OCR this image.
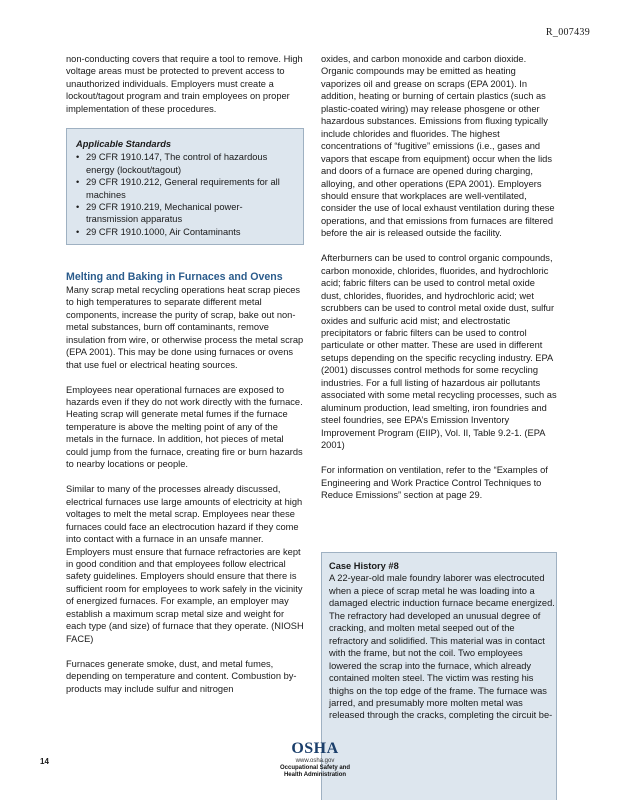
R_007439

non-conducting covers that require a tool to remove. High voltage areas must be protected to prevent access to unauthorized individuals. Employers must create a lockout/tagout program and train employees on proper implementation of these procedures.

Applicable Standards
• 29 CFR 1910.147, The control of hazardous energy (lockout/tagout)
• 29 CFR 1910.212, General requirements for all machines
• 29 CFR 1910.219, Mechanical power-transmission apparatus
• 29 CFR 1910.1000, Air Contaminants
Melting and Baking in Furnaces and Ovens

Many scrap metal recycling operations heat scrap pieces to high temperatures to separate different metal components, increase the purity of scrap, bake out non-metal substances, burn off contaminants, remove insulation from wire, or otherwise process the metal scrap (EPA 2001). This may be done using furnaces or ovens that use fuel or electrical heating sources.

Employees near operational furnaces are exposed to hazards even if they do not work directly with the furnace. Heating scrap will generate metal fumes if the furnace temperature is above the melting point of any of the metals in the furnace. In addition, hot pieces of metal could jump from the furnace, creating fire or burn hazards to nearby locations or people.

Similar to many of the processes already discussed, electrical furnaces use large amounts of electricity at high voltages to melt the metal scrap. Employees near these furnaces could face an electrocution hazard if they come into contact with a furnace in an unsafe manner. Employers must ensure that furnace refractories are kept in good condition and that employees follow electrical safety guidelines. Employers should ensure that there is sufficient room for employees to work safely in the vicinity of energized furnaces. For example, an employer may establish a maximum scrap metal size and weight for each type (and size) of furnace that they operate. (NIOSH FACE)

Furnaces generate smoke, dust, and metal fumes, depending on temperature and content. Combustion by-products may include sulfur and nitrogen

oxides, and carbon monoxide and carbon dioxide. Organic compounds may be emitted as heating vaporizes oil and grease on scraps (EPA 2001). In addition, heating or burning of certain plastics (such as plastic-coated wiring) may release phosgene or other hazardous substances. Emissions from fluxing typically include chlorides and fluorides. The highest concentrations of “fugitive” emissions (i.e., gases and vapors that escape from equipment) occur when the lids and doors of a furnace are opened during charging, alloying, and other operations (EPA 2001). Employers should ensure that workplaces are well-ventilated, consider the use of local exhaust ventilation during these operations, and that emissions from furnaces are filtered before the air is released outside the facility.

Afterburners can be used to control organic compounds, carbon monoxide, chlorides, fluorides, and hydrochloric acid; fabric filters can be used to control metal oxide dust, chlorides, fluorides, and hydrochloric acid; wet scrubbers can be used to control metal oxide dust, sulfur oxides and sulfuric acid mist; and electrostatic precipitators or fabric filters can be used to control particulate or other matter. These are used in different setups depending on the specific recycling industry. EPA (2001) discusses control methods for some recycling industries. For a full listing of hazardous air pollutants associated with some metal recycling processes, such as aluminum production, lead smelting, iron foundries and steel foundries, see EPA’s Emission Inventory Improvement Program (EIIP), Vol. II, Table 9.2-1. (EPA 2001)

For information on ventilation, refer to the “Examples of Engineering and Work Practice Control Techniques to Reduce Emissions” section at page 29.

Case History #8

A 22-year-old male foundry laborer was electrocuted when a piece of scrap metal he was loading into a damaged electric induction furnace became energized. The refractory had developed an unusual degree of cracking, and molten metal seeped out of the refractory and solidified. This material was in contact with the frame, but not the coil. Two employees lowered the scrap into the furnace, which already contained molten steel. The victim was resting his thighs on the top edge of the frame. The furnace was jarred, and presumably more molten metal was released through the cracks, completing the circuit be-

14
OSHA
www.osha.gov
Occupational Safety and
Health Administration
